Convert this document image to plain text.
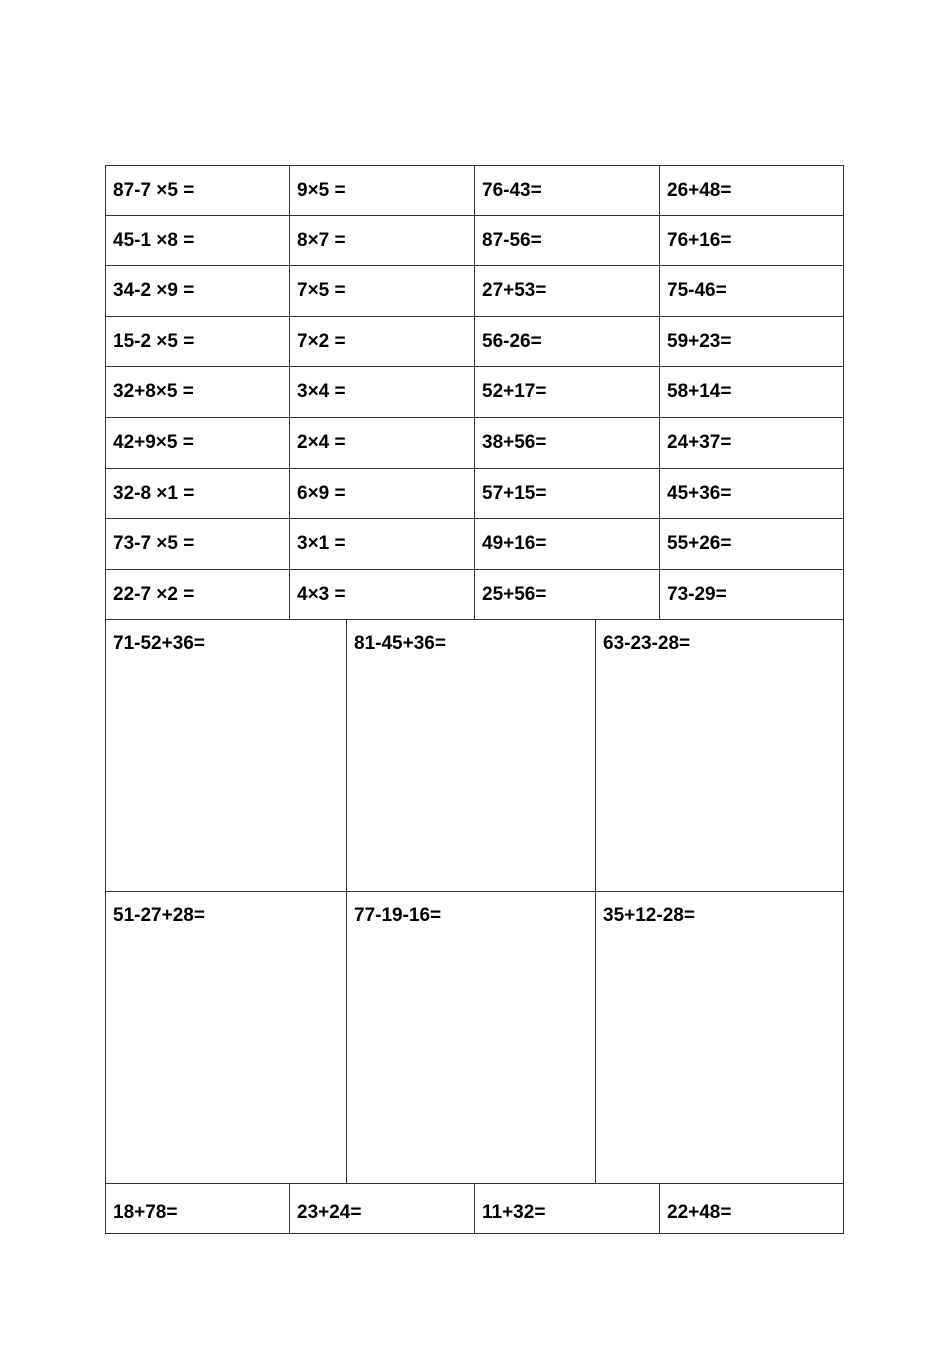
87-7 ×5 =	9×5 =	76-43=	26+48=
45-1 ×8 =	8×7 =	87-56=	76+16=
34-2 ×9 =	7×5 =	27+53=	75-46=
15-2 ×5 =	7×2 =	56-26=	59+23=
32+8×5 =	3×4 =	52+17=	58+14=
42+9×5 =	2×4 =	38+56=	24+37=
32-8 ×1 =	6×9 =	57+15=	45+36=
73-7 ×5 =	3×1 =	49+16=	55+26=
22-7 ×2 =	4×3 =	25+56=	73-29=
71-52+36=	81-45+36=	63-23-28=
51-27+28=	77-19-16=	35+12-28=
18+78=	23+24=	11+32=	22+48=
